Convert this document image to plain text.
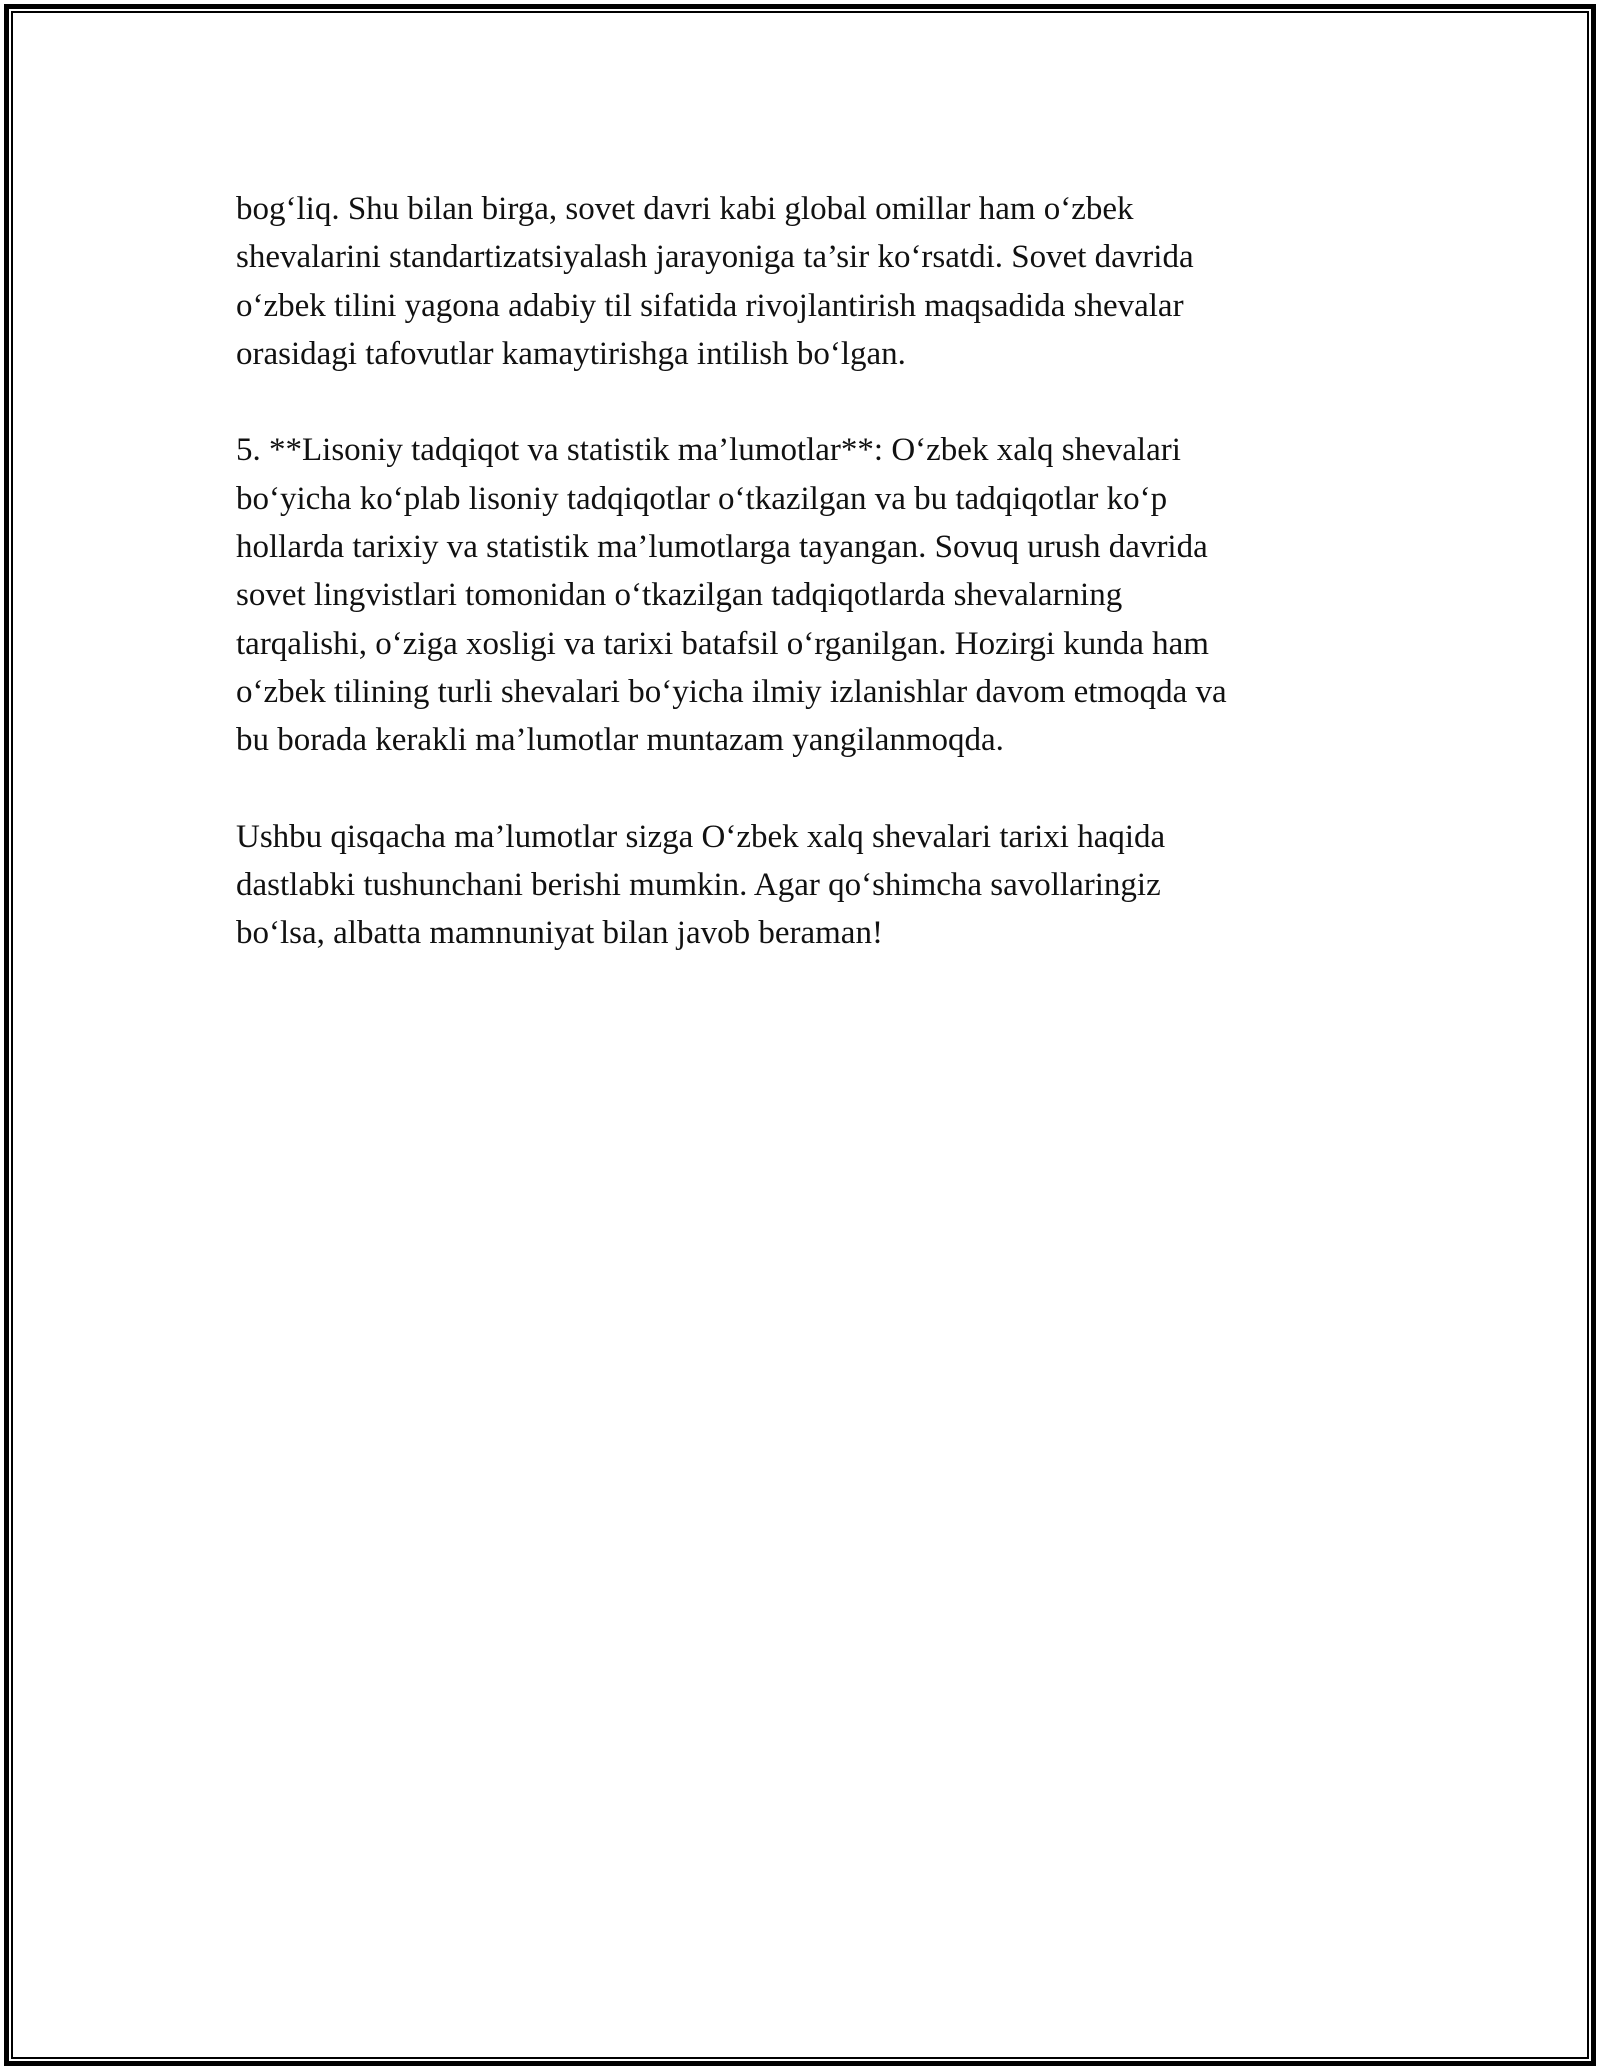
bog‘liq. Shu bilan birga, sovet davri kabi global omillar ham o‘zbek
shevalarini standartizatsiyalash jarayoniga ta’sir ko‘rsatdi. Sovet davrida
o‘zbek tilini yagona adabiy til sifatida rivojlantirish maqsadida shevalar
orasidagi tafovutlar kamaytirishga intilish bo‘lgan.

5. **Lisoniy tadqiqot va statistik ma’lumotlar**: O‘zbek xalq shevalari
bo‘yicha ko‘plab lisoniy tadqiqotlar o‘tkazilgan va bu tadqiqotlar ko‘p
hollarda tarixiy va statistik ma’lumotlarga tayangan. Sovuq urush davrida
sovet lingvistlari tomonidan o‘tkazilgan tadqiqotlarda shevalarning
tarqalishi, o‘ziga xosligi va tarixi batafsil o‘rganilgan. Hozirgi kunda ham
o‘zbek tilining turli shevalari bo‘yicha ilmiy izlanishlar davom etmoqda va
bu borada kerakli ma’lumotlar muntazam yangilanmoqda.

Ushbu qisqacha ma’lumotlar sizga O‘zbek xalq shevalari tarixi haqida
dastlabki tushunchani berishi mumkin. Agar qo‘shimcha savollaringiz
bo‘lsa, albatta mamnuniyat bilan javob beraman!
